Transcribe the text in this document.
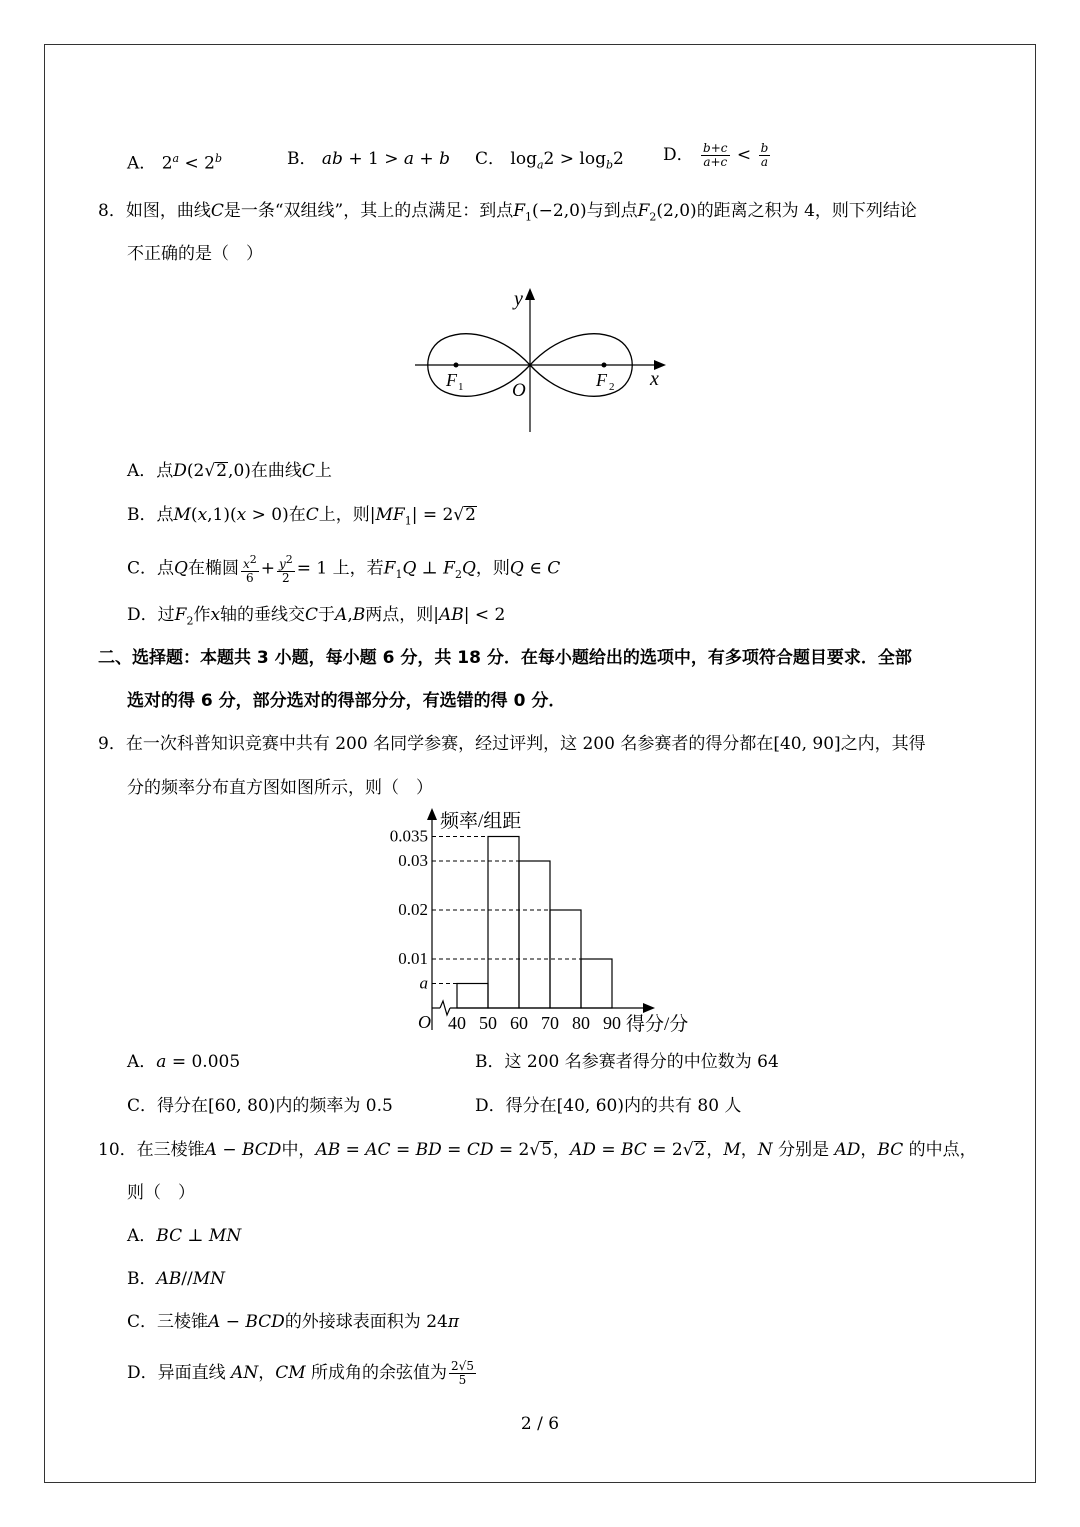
A． $2^a < 2^b$	B． ab + 1 > a + b C． $\log_a2 > \log_b2$ D． $\frac{b+c}{a+c} < \frac{b}{a}$
8．如图，曲线C是一条“双组线”，其上的点满足：到点$F_1(-2,0)$与到点$F_2(2,0)$的距离之积为 4，则下列结论
不正确的是（　）
y
x
O
F 1	F 2
A．点D(2√2,0)在曲线C上
B．点M(x,1)(x > 0)在C上，则$|MF_1| = 2√2$
C．点Q在椭圆 $\frac{x^2}{6} + \frac{y^2}{2} = 1$ 上，若$F_1Q$ ⊥ $F_2Q$，则Q ∈ C
D．过$F_2$作x轴的垂线交C于A,B两点，则|AB| < 2
二、选择题：本题共 3 小题，每小题 6 分，共 18 分．在每小题给出的选项中，有多项符合题目要求．全部
选对的得 6 分，部分选对的得部分分，有选错的得 0 分．
9．在一次科普知识竞赛中共有 200 名同学参赛，经过评判，这 200 名参赛者的得分都在[40, 90]之内，其得
分的频率分布直方图如图所示，则（　）
a
0.01
0.02
0.03
0.035
40 50 60 70 80 90
频率/组距
得分/分
O
A．a = 0.005	B．这 200 名参赛者得分的中位数为 64
C．得分在[60, 80)内的频率为 0.5	D．得分在[40, 60)内的共有 80 人
10．在三棱锥A − BCD中，AB = AC = BD = CD = 2√5，AD = BC = 2√2，M，N 分别是 AD，BC 的中点，
则（　）
A．BC ⊥ MN
B．AB//MN
C．三棱锥A − BCD的外接球表面积为 24π
D．异面直线 AN，CM 所成角的余弦值为 $\frac{2√5}{5}$
2 / 6
